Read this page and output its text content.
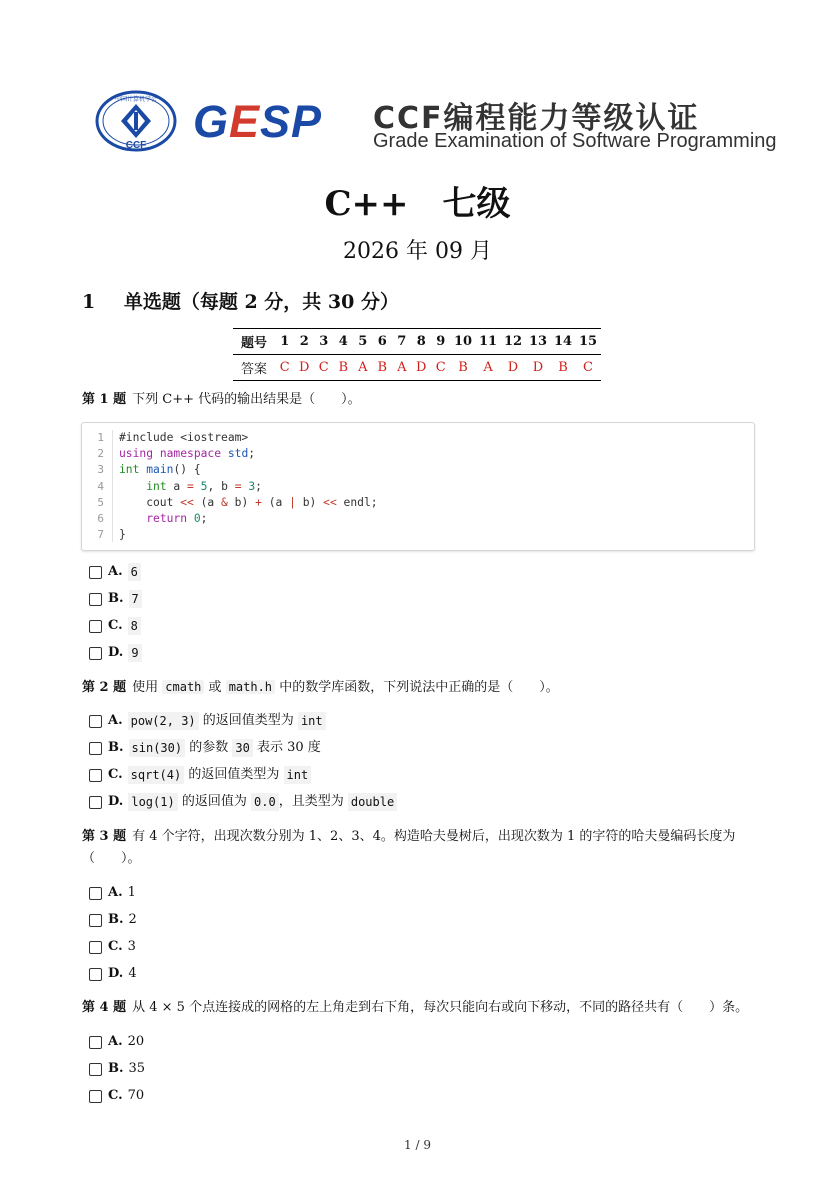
CCF
中国计算机学会 GESP CCF编程能力等级认证
Grade Examination of Software Programming
C++　七级
2026 年 09 月
1 单选题（每题 2 分，共 30 分）
题号	1	2	3	4	5	6	7	8	9	10	11	12	13	14	15
答案	C	D	C	B	A	B	A	D	C	B	A	D	D	B	C
第 1 题 下列 C++ 代码的输出结果是（　　）。
1
2
3
4
5
6
7
#include <iostream>
using namespace std;
int main() {
int a = 5, b = 3;
cout << (a & b) + (a | b) << endl;
return 0;
}
A. 6
B. 7
C. 8
D. 9
第 2 题 使用 cmath 或 math.h 中的数学库函数，下列说法中正确的是（　　）。
A. pow(2, 3)
的返回值类型为
int
B. sin(30)
的参数
30
表示 30 度
C. sqrt(4)
的返回值类型为
int
D. log(1)
的返回值为
0.0 ，且类型为
double
第 3 题 有 4 个字符，出现次数分别为 1、2、3、4。构造哈夫曼树后，出现次数为 1 的字符的哈夫曼编码长度为
（　　）。
A. 1
B. 2
C. 3
D. 4
第 4 题 从 4 × 5 个点连接成的网格的左上角走到右下角，每次只能向右或向下移动，不同的路径共有（　　）条。
A. 20
B. 35
C. 70
1 / 9
